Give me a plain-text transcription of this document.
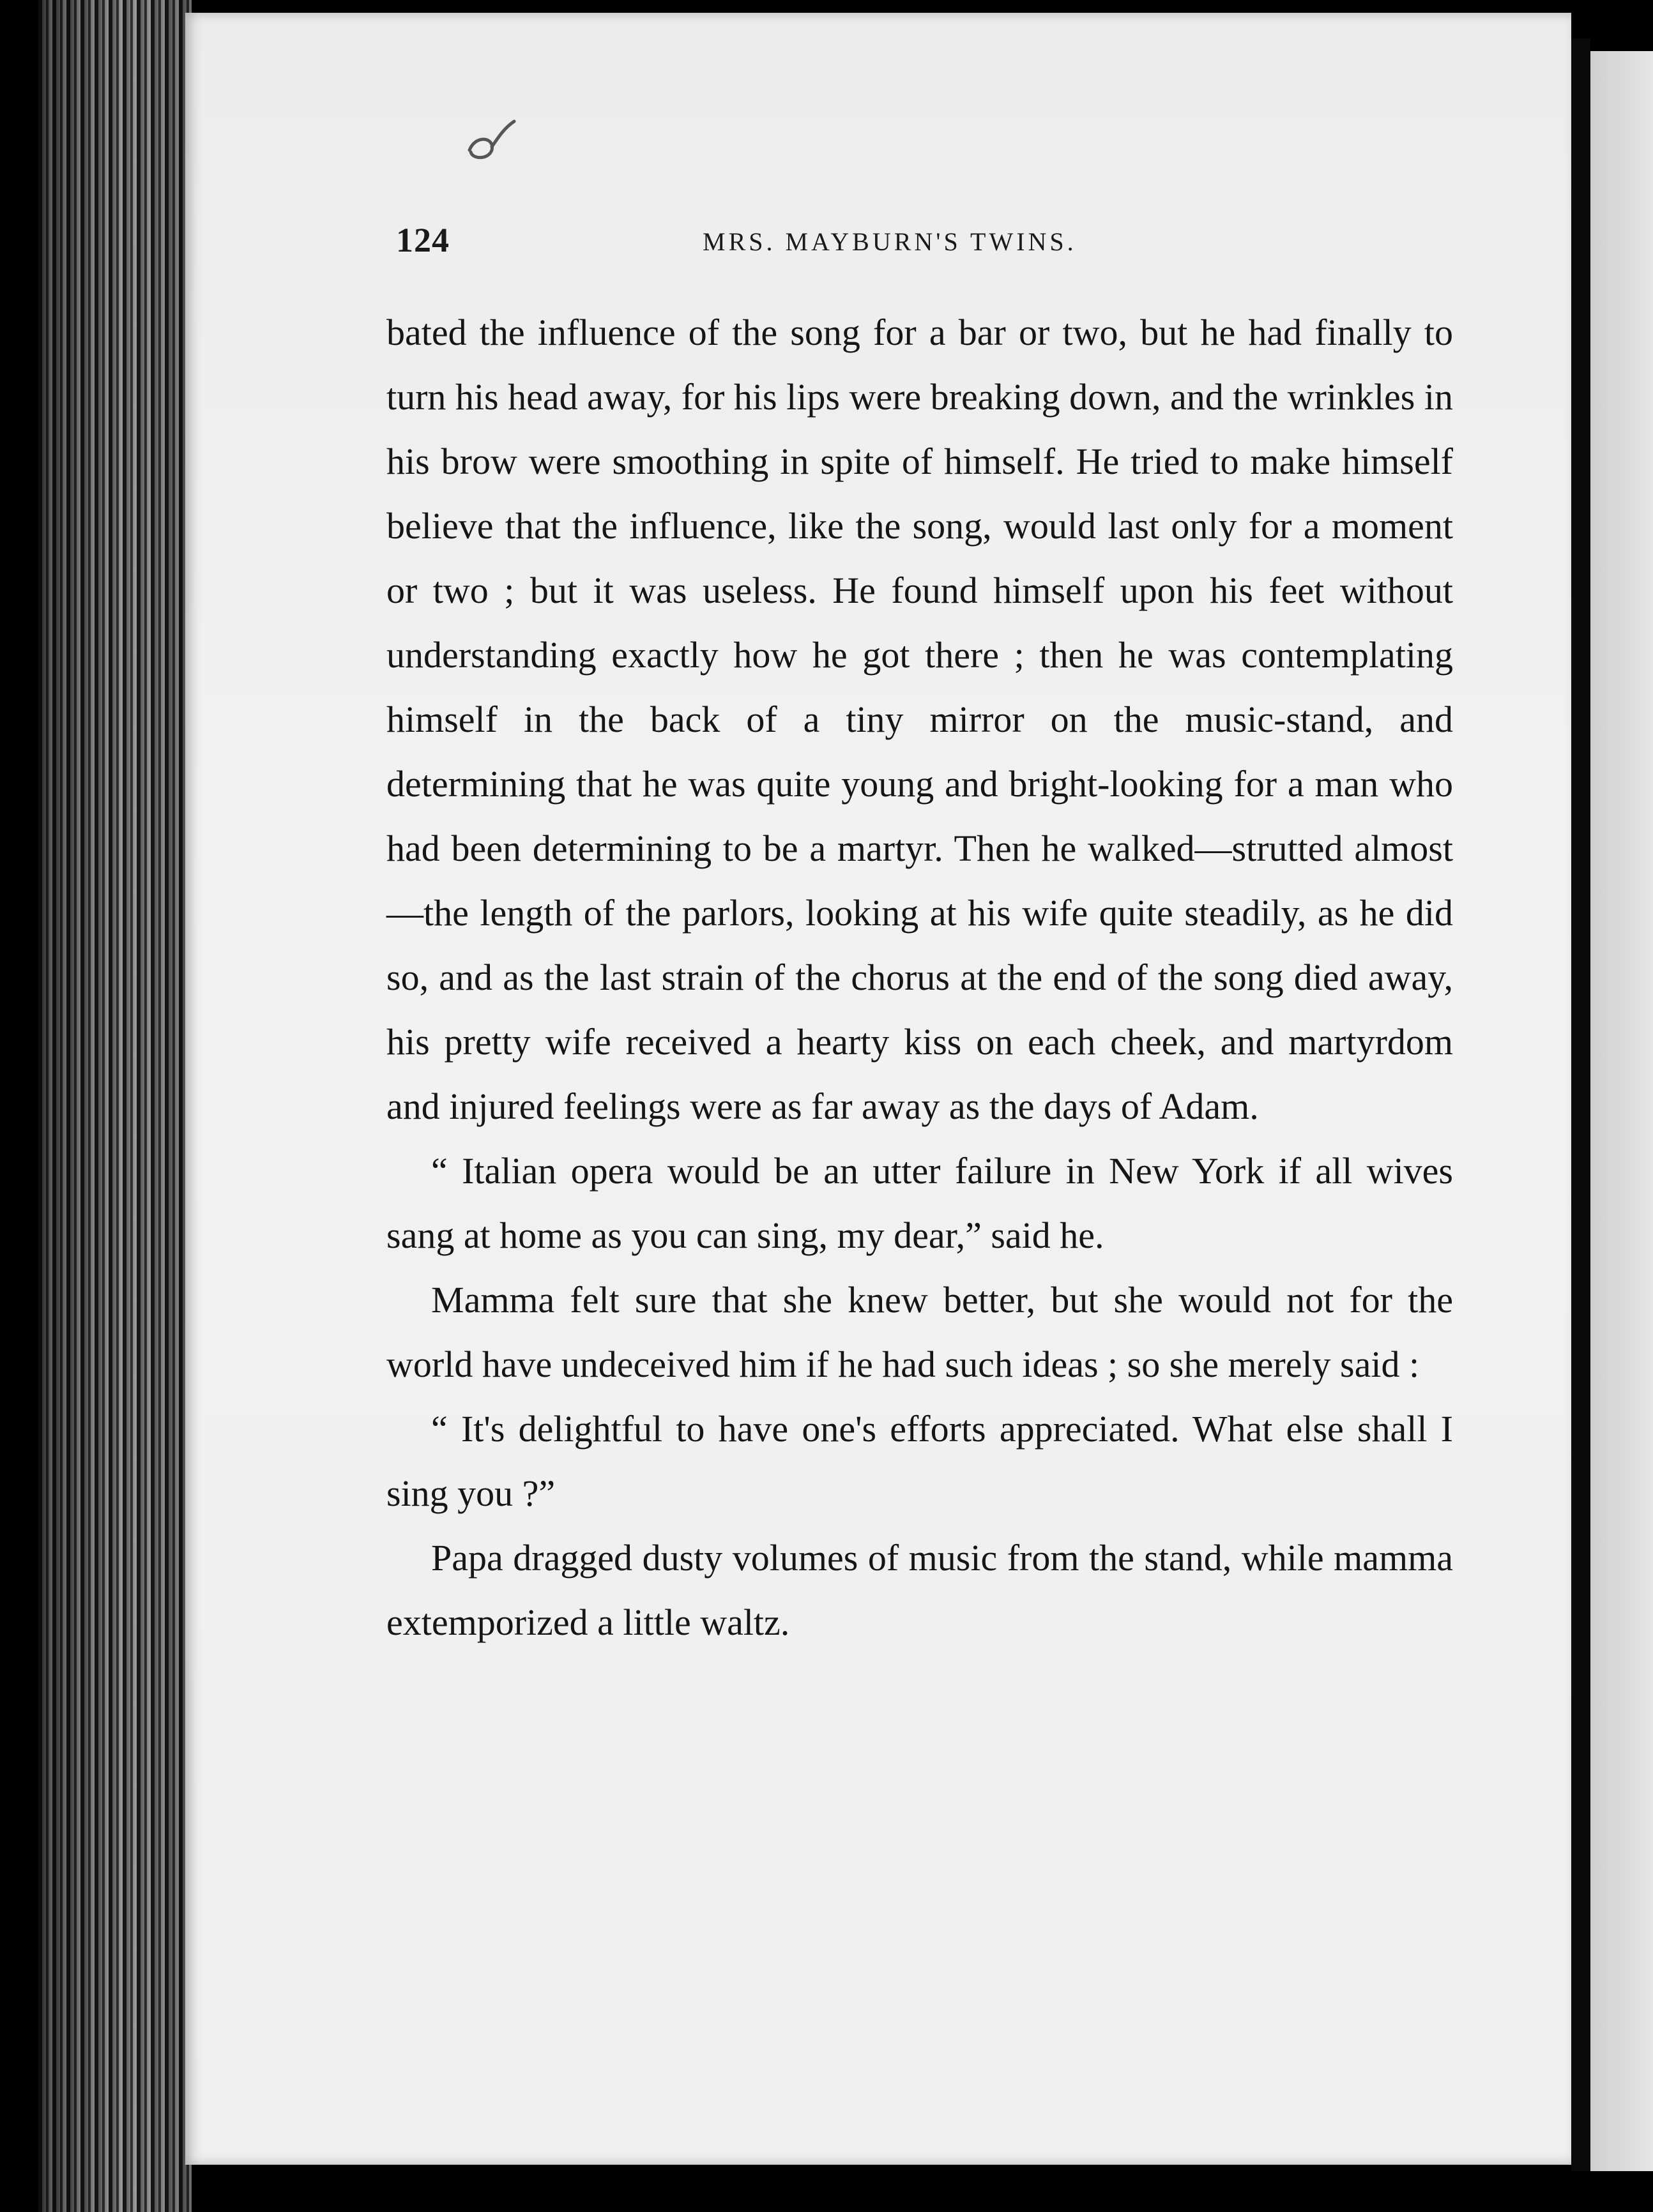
124	MRS. MAYBURN'S TWINS.

bated the influence of the song for a bar or two, but he had finally to turn his head away, for his lips were breaking down, and the wrinkles in his brow were smoothing in spite of himself. He tried to make himself believe that the influence, like the song, would last only for a moment or two ; but it was useless. He found himself upon his feet without understanding exactly how he got there ; then he was contemplating himself in the back of a tiny mirror on the music-stand, and determining that he was quite young and bright-looking for a man who had been determining to be a martyr. Then he walked—strutted almost—the length of the parlors, looking at his wife quite steadily, as he did so, and as the last strain of the chorus at the end of the song died away, his pretty wife received a hearty kiss on each cheek, and martyrdom and injured feelings were as far away as the days of Adam.

“ Italian opera would be an utter failure in New York if all wives sang at home as you can sing, my dear,” said he.

Mamma felt sure that she knew better, but she would not for the world have undeceived him if he had such ideas ; so she merely said :

“ It's delightful to have one's efforts appreciated. What else shall I sing you ?”

Papa dragged dusty volumes of music from the stand, while mamma extemporized a little waltz.
